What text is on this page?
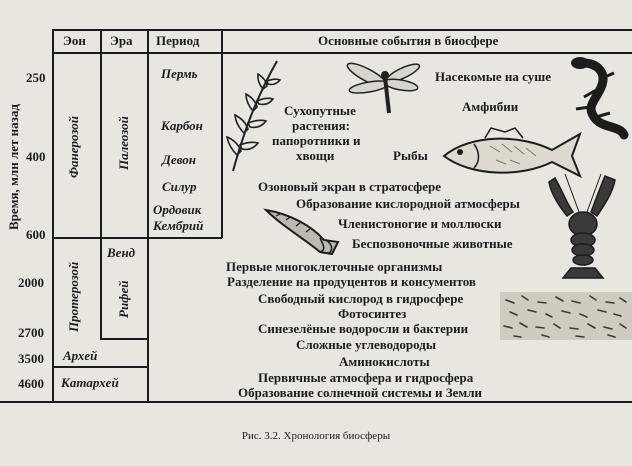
Эон Эра Период	Основные события в биосфере
Время, млн лет назад
250
400
600
2000
2700
3500
4600
Фанерозой
Протерозой
Архей
Катархей
Палеозой
Венд
Рифей
Пермь
Карбон
Девон
Силур
Ордовик
Кембрий
Насекомые на суше
Амфибии
Сухопутные
растения:
папоротники и
хвощи	Рыбы
Озоновый экран в стратосфере
Образование кислородной атмосферы
Членистоногие и моллюски
Беспозвоночные животные
Первые многоклеточные организмы
Разделение на продуцентов и консументов
Свободный кислород в гидросфере
Фотосинтез
Синезелёные водоросли и бактерии
Сложные углеводороды
Аминокислоты
Первичные атмосфера и гидросфера
Образование солнечной системы и Земли
Рис. 3.2. Хронология биосферы
